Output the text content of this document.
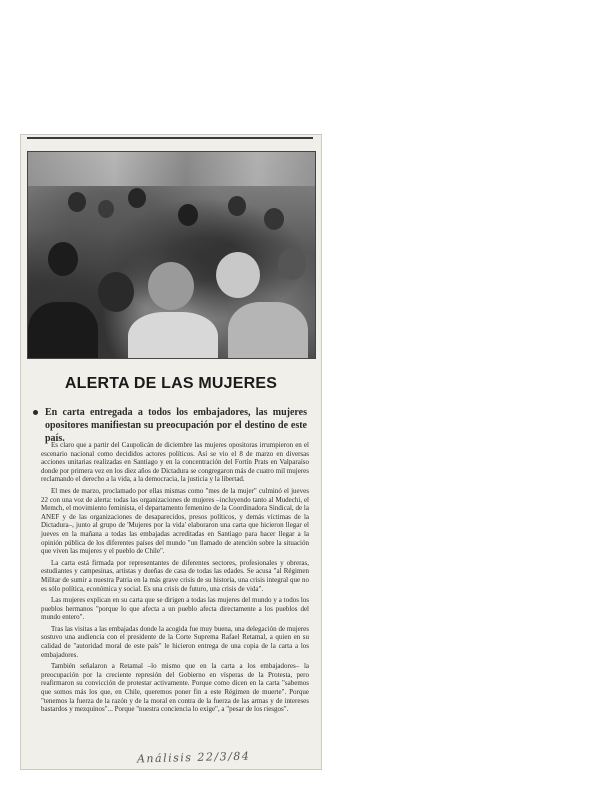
ALERTA DE LAS MUJERES
En carta entregada a todos los embajadores, las mujeres opositores manifiestan su preocupación por el destino de este país.

Es claro que a partir del Caupolicán de diciembre las mujeres opositoras irrumpieron en el escenario nacional como decididos actores políticos. Así se vio el 8 de marzo en diversas acciones unitarias realizadas en Santiago y en la concentración del Fortín Prats en Valparaíso donde por primera vez en los diez años de Dictadura se congregaron más de cuatro mil mujeres reclamando el derecho a la vida, a la democracia, la justicia y la libertad.

El mes de marzo, proclamado por ellas mismas como "mes de la mujer" culminó el jueves 22 con una voz de alerta: todas las organizaciones de mujeres –incluyendo tanto al Mudechi, el Memch, el movimiento feminista, el departamento femenino de la Coordinadora Sindical, de la ANEF y de las organizaciones de desaparecidos, presos políticos, y demás víctimas de la Dictadura–, junto al grupo de 'Mujeres por la vida' elaboraron una carta que hicieron llegar el jueves en la mañana a todas las embajadas acreditadas en Santiago para hacer llegar a la opinión pública de los diferentes países del mundo "un llamado de atención sobre la situación que viven las mujeres y el pueblo de Chile".

La carta está firmada por representantes de diferentes sectores, profesionales y obreras, estudiantes y campesinas, artistas y dueñas de casa de todas las edades. Se acusa "al Régimen Militar de sumir a nuestra Patria en la más grave crisis de su historia, una crisis integral que no es sólo política, económica y social. Es una crisis de futuro, una crisis de vida".

Las mujeres explican en su carta que se dirigen a todas las mujeres del mundo y a todos los pueblos hermanos "porque lo que afecta a un pueblo afecta directamente a los pueblos del mundo entero".

Tras las visitas a las embajadas donde la acogida fue muy buena, una delegación de mujeres sostuvo una audiencia con el presidente de la Corte Suprema Rafael Retamal, a quien en su calidad de "autoridad moral de este país" le hicieron entrega de una copia de la carta a los embajadores.

También señalaron a Retamal –lo mismo que en la carta a los embajadores– la preocupación por la creciente represión del Gobierno en vísperas de la Protesta, pero reafirmaron su convicción de protestar activamente. Porque como dicen en la carta "sabemos que somos más los que, en Chile, queremos poner fin a este Régimen de muerte". Porque "tenemos la fuerza de la razón y de la moral en contra de la fuerza de las armas y de intereses bastardos y mezquinos"... Porque "nuestra conciencia lo exige", a "pesar de los riesgos".

Análisis 22/3/84
